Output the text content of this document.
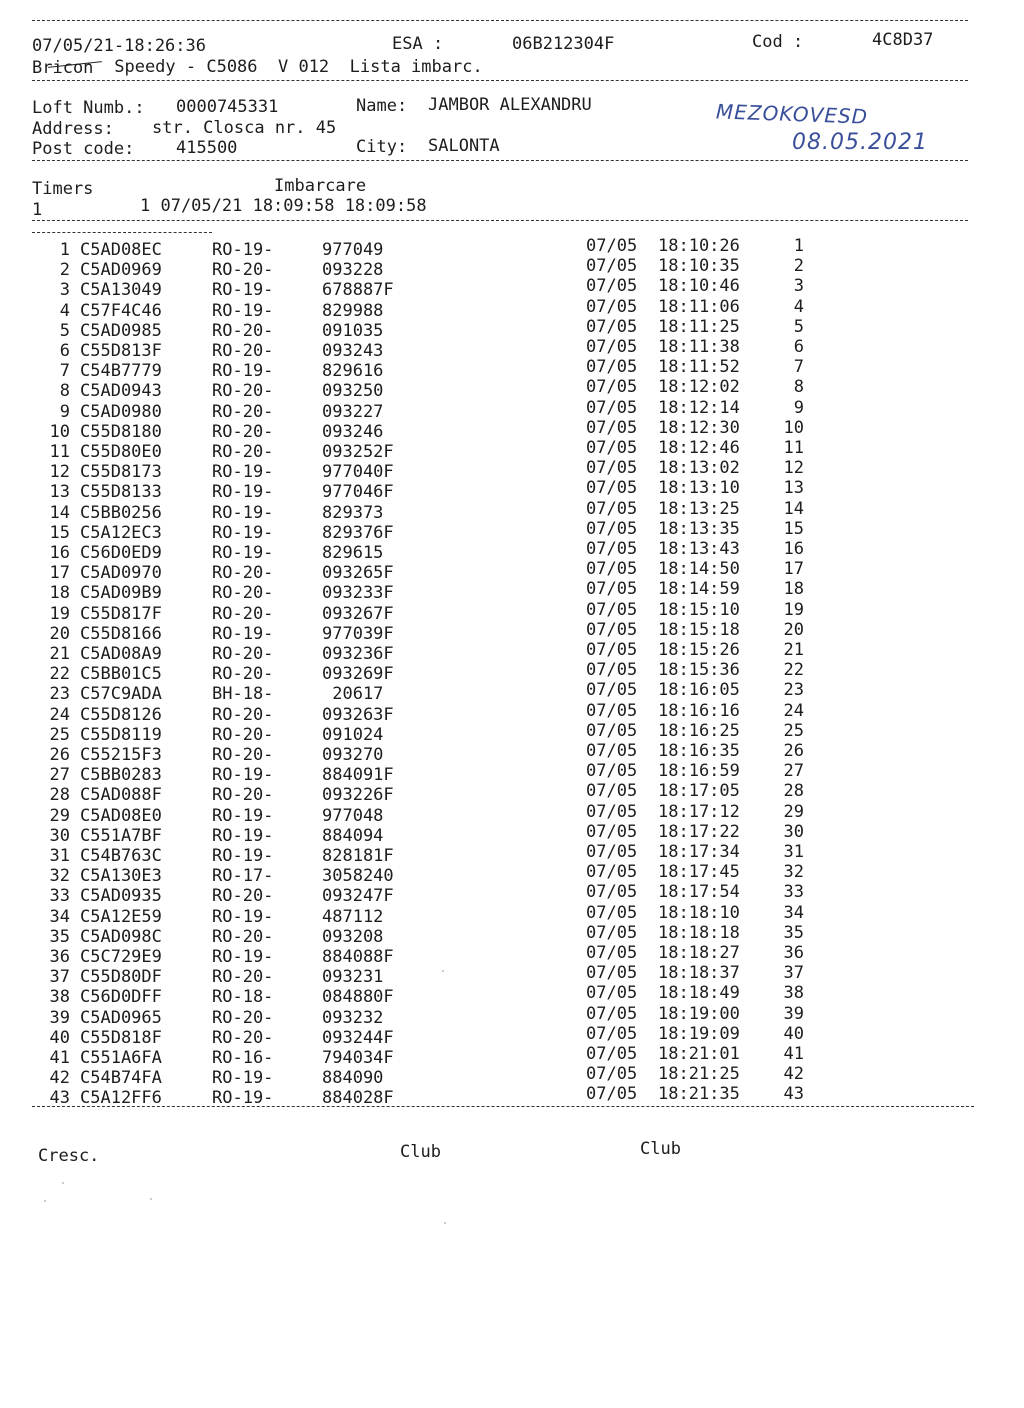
07/05/21-18:26:36	ESA :	06B212304F	Cod :	4C8D37
Bricon Speedy - C5086  V 012  Lista imbarc.
Loft Numb.: 0000745331	Name: JAMBOR ALEXANDRU
Address: str. Closca nr. 45
Post code: 415500	City: SALONTA
MEZOKOVESD
08.05.2021
Timers	Imbarcare
1	1 07/05/21 18:09:58 18:09:58
1 C5AD08EC	RO-19-	977049	07/05 18:10:26	1
2 C5AD0969	RO-20-	093228	07/05 18:10:35	2
3 C5A13049	RO-19-	678887F	07/05 18:10:46	3
4 C57F4C46	RO-19-	829988	07/05 18:11:06	4
5 C5AD0985	RO-20-	091035	07/05 18:11:25	5
6 C55D813F	RO-20-	093243	07/05 18:11:38	6
7 C54B7779	RO-19-	829616	07/05 18:11:52	7
8 C5AD0943	RO-20-	093250	07/05 18:12:02	8
9 C5AD0980	RO-20-	093227	07/05 18:12:14	9
10 C55D8180	RO-20-	093246	07/05 18:12:30	10
11 C55D80E0	RO-20-	093252F	07/05 18:12:46	11
12 C55D8173	RO-19-	977040F	07/05 18:13:02	12
13 C55D8133	RO-19-	977046F	07/05 18:13:10	13
14 C5BB0256	RO-19-	829373	07/05 18:13:25	14
15 C5A12EC3	RO-19-	829376F	07/05 18:13:35	15
16 C56D0ED9	RO-19-	829615	07/05 18:13:43	16
17 C5AD0970	RO-20-	093265F	07/05 18:14:50	17
18 C5AD09B9	RO-20-	093233F	07/05 18:14:59	18
19 C55D817F	RO-20-	093267F	07/05 18:15:10	19
20 C55D8166	RO-19-	977039F	07/05 18:15:18	20
21 C5AD08A9	RO-20-	093236F	07/05 18:15:26	21
22 C5BB01C5	RO-20-	093269F	07/05 18:15:36	22
23 C57C9ADA	BH-18-	20617	07/05 18:16:05	23
24 C55D8126	RO-20-	093263F	07/05 18:16:16	24
25 C55D8119	RO-20-	091024	07/05 18:16:25	25
26 C55215F3	RO-20-	093270	07/05 18:16:35	26
27 C5BB0283	RO-19-	884091F	07/05 18:16:59	27
28 C5AD088F	RO-20-	093226F	07/05 18:17:05	28
29 C5AD08E0	RO-19-	977048	07/05 18:17:12	29
30 C551A7BF	RO-19-	884094	07/05 18:17:22	30
31 C54B763C	RO-19-	828181F	07/05 18:17:34	31
32 C5A130E3	RO-17-	3058240	07/05 18:17:45	32
33 C5AD0935	RO-20-	093247F	07/05 18:17:54	33
34 C5A12E59	RO-19-	487112	07/05 18:18:10	34
35 C5AD098C	RO-20-	093208	07/05 18:18:18	35
36 C5C729E9	RO-19-	884088F	07/05 18:18:27	36
37 C55D80DF	RO-20-	093231	07/05 18:18:37	37
38 C56D0DFF	RO-18-	084880F	07/05 18:18:49	38
39 C5AD0965	RO-20-	093232	07/05 18:19:00	39
40 C55D818F	RO-20-	093244F	07/05 18:19:09	40
41 C551A6FA	RO-16-	794034F	07/05 18:21:01	41
42 C54B74FA	RO-19-	884090	07/05 18:21:25	42
43 C5A12FF6	RO-19-	884028F	07/05 18:21:35	43
Cresc.	Club	Club
